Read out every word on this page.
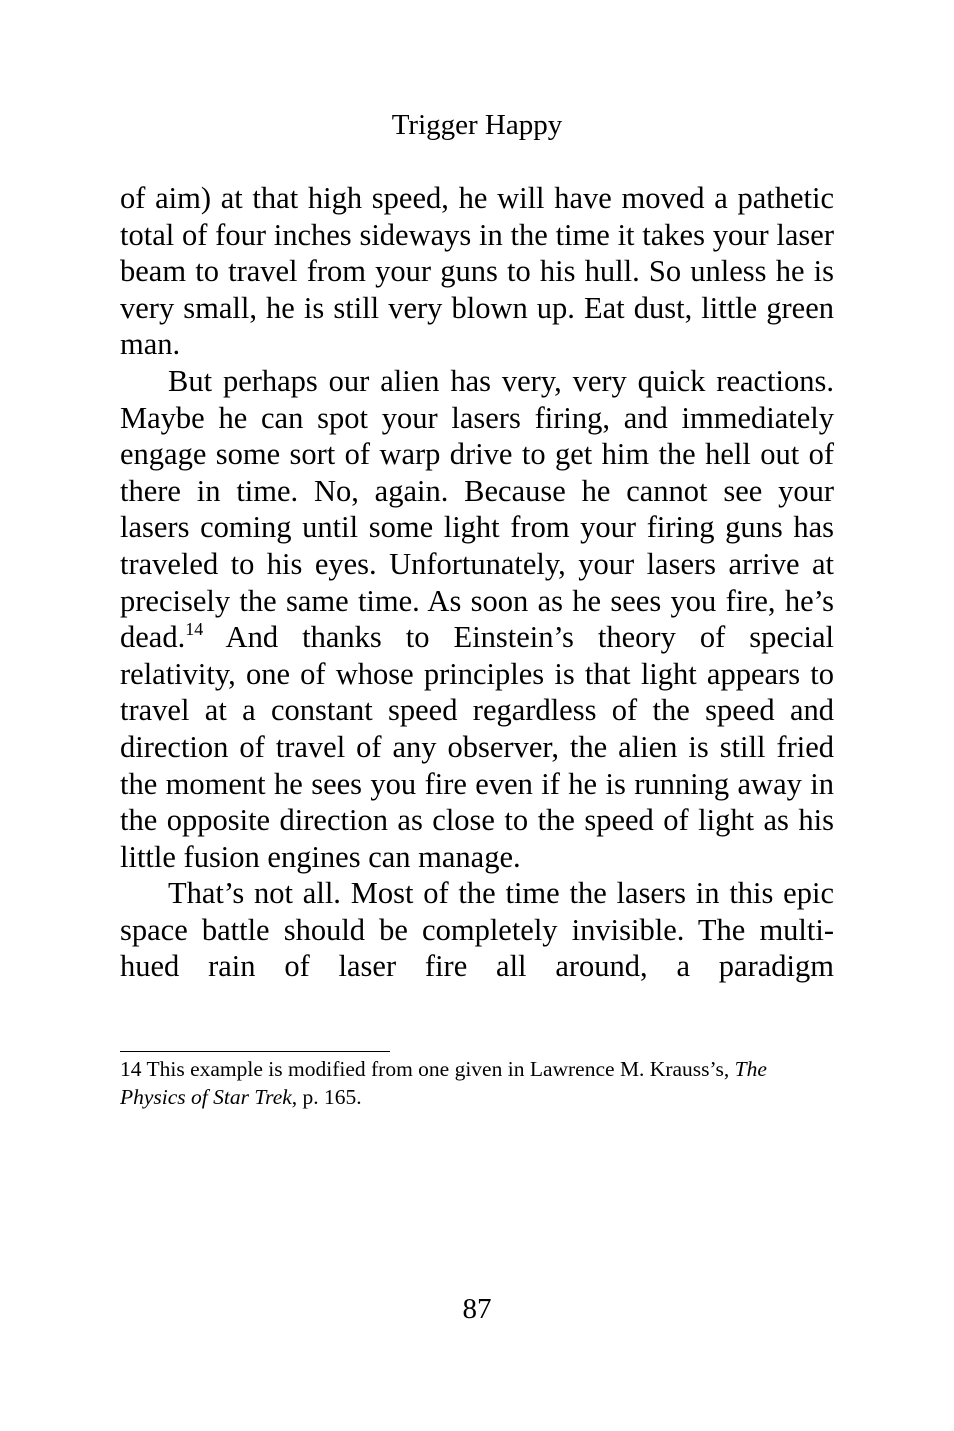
Trigger Happy

of aim) at that high speed, he will have moved a pathetic total of four inches sideways in the time it takes your laser beam to travel from your guns to his hull. So unless he is very small, he is still very blown up. Eat dust, little green man.

But perhaps our alien has very, very quick reactions. Maybe he can spot your lasers firing, and immediately engage some sort of warp drive to get him the hell out of there in time. No, again. Because he cannot see your lasers coming until some light from your firing guns has traveled to his eyes. Unfortunately, your lasers arrive at precisely the same time. As soon as he sees you fire, he’s dead.$^{14}$ And thanks to Einstein’s theory of special relativity, one of whose principles is that light appears to travel at a constant speed regardless of the speed and direction of travel of any observer, the alien is still fried the moment he sees you fire even if he is running away in the opposite direction as close to the speed of light as his little fusion engines can manage.

That’s not all. Most of the time the lasers in this epic space battle should be completely invisible. The multi-hued rain of laser fire all around, a paradigm

14 This example is modified from one given in Lawrence M. Krauss’s, The Physics of Star Trek, p. 165.
87
